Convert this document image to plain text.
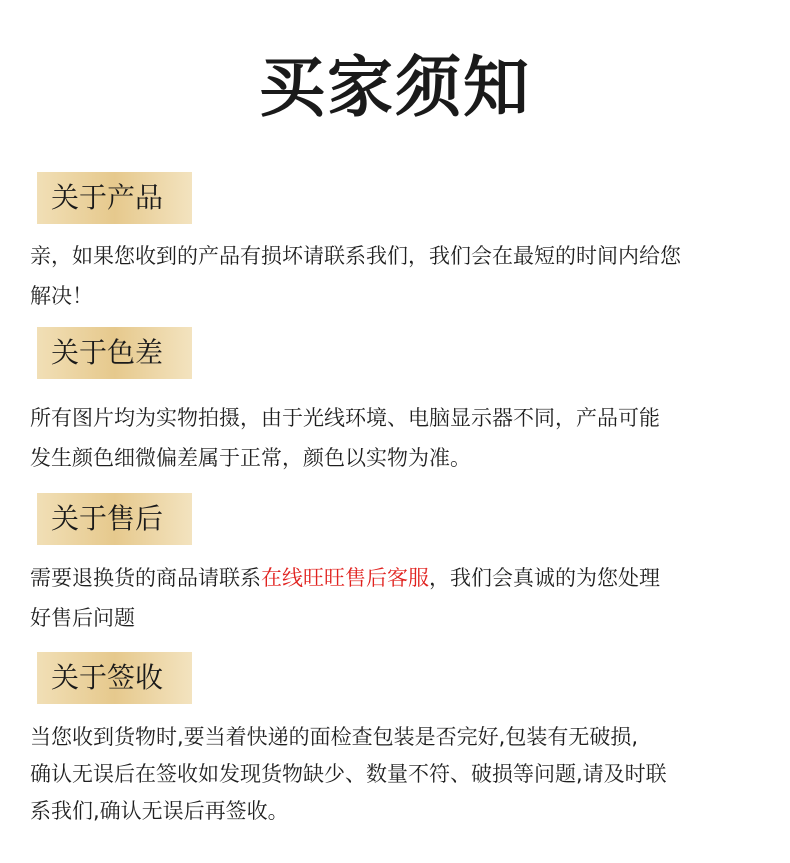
买家须知
关于产品
亲，如果您收到的产品有损坏请联系我们，我们会在最短的时间内给您
解决！
关于色差
所有图片均为实物拍摄，由于光线环境、电脑显示器不同，产品可能
发生颜色细微偏差属于正常，颜色以实物为准。
关于售后
需要退换货的商品请联系在线旺旺售后客服，我们会真诚的为您处理
好售后问题
关于签收
当您收到货物时,要当着快递的面检查包装是否完好,包装有无破损,
确认无误后在签收如发现货物缺少、数量不符、破损等问题,请及时联
系我们,确认无误后再签收。
